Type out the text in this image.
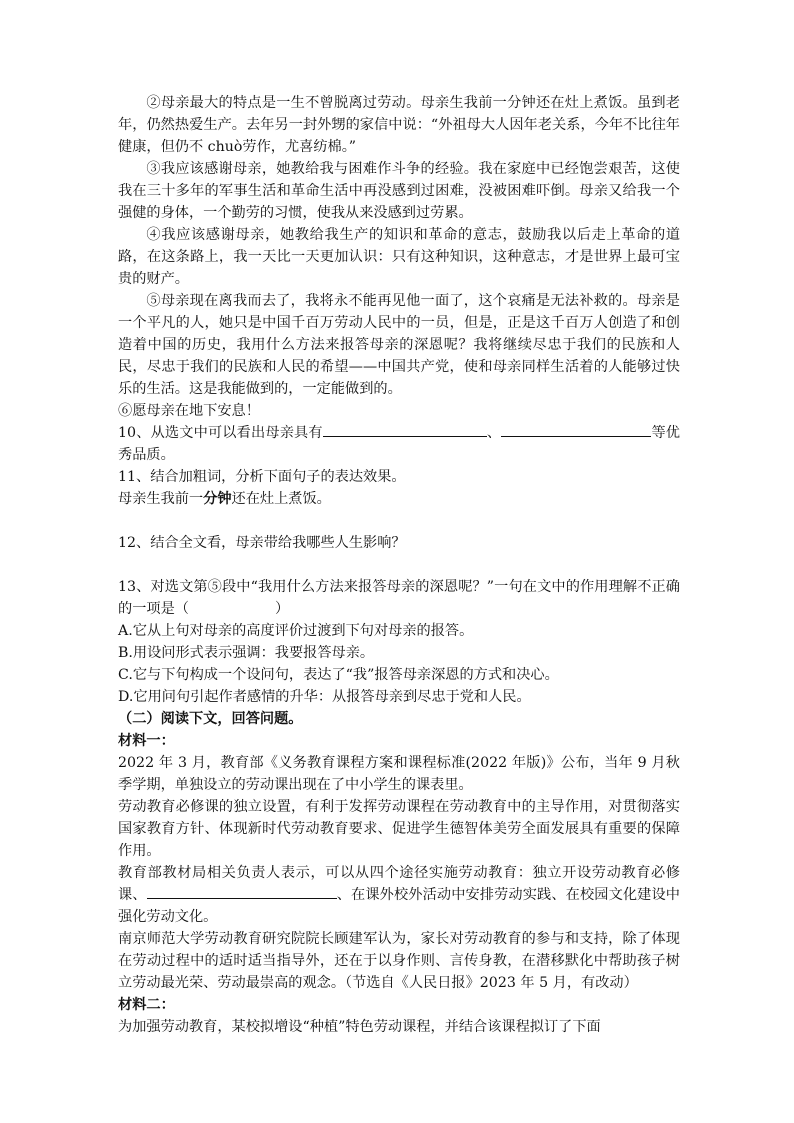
②母亲最大的特点是一生不曾脱离过劳动。母亲生我前一分钟还在灶上煮饭。虽到老年，仍然热爱生产。去年另一封外甥的家信中说：“外祖母大人因年老关系，今年不比往年健康，但仍不 chuò劳作，尤喜纺棉。”

③我应该感谢母亲，她教给我与困难作斗争的经验。我在家庭中已经饱尝艰苦，这使我在三十多年的军事生活和革命生活中再没感到过困难，没被困难吓倒。母亲又给我一个强健的身体，一个勤劳的习惯，使我从来没感到过劳累。

④我应该感谢母亲，她教给我生产的知识和革命的意志，鼓励我以后走上革命的道路，在这条路上，我一天比一天更加认识：只有这种知识，这种意志，才是世界上最可宝贵的财产。

⑤母亲现在离我而去了，我将永不能再见他一面了，这个哀痛是无法补救的。母亲是一个平凡的人，她只是中国千百万劳动人民中的一员，但是，正是这千百万人创造了和创造着中国的历史，我用什么方法来报答母亲的深恩呢？我将继续尽忠于我们的民族和人民，尽忠于我们的民族和人民的希望——中国共产党，使和母亲同样生活着的人能够过快乐的生活。这是我能做到的，一定能做到的。

⑥愿母亲在地下安息！

10、从选文中可以看出母亲具有	、	等优秀品质。

11、结合加粗词，分析下面句子的表达效果。

母亲生我前一分钟还在灶上煮饭。

12、结合全文看，母亲带给我哪些人生影响？

13、对选文第⑤段中“我用什么方法来报答母亲的深恩呢？”一句在文中的作用理解不正确的一项是（	）

A.它从上句对母亲的高度评价过渡到下句对母亲的报答。

B.用设问形式表示强调：我要报答母亲。

C.它与下句构成一个设问句，表达了“我”报答母亲深恩的方式和决心。

D.它用问句引起作者感情的升华：从报答母亲到尽忠于党和人民。

（二）阅读下文，回答问题。

材料一：

2022 年 3 月，教育部《义务教育课程方案和课程标准(2022 年版)》公布，当年 9 月秋季学期，单独设立的劳动课出现在了中小学生的课表里。

劳动教育必修课的独立设置，有利于发挥劳动课程在劳动教育中的主导作用，对贯彻落实国家教育方针、体现新时代劳动教育要求、促进学生德智体美劳全面发展具有重要的保障作用。

教育部教材局相关负责人表示，可以从四个途径实施劳动教育：独立开设劳动教育必修课、	、在课外校外活动中安排劳动实践、在校园文化建设中强化劳动文化。

南京师范大学劳动教育研究院院长顾建军认为，家长对劳动教育的参与和支持，除了体现在劳动过程中的适时适当指导外，还在于以身作则、言传身教，在潜移默化中帮助孩子树立劳动最光荣、劳动最崇高的观念。（节选自《人民日报》2023 年 5 月，有改动）

材料二：

为加强劳动教育，某校拟增设“种植”特色劳动课程，并结合该课程拟订了下面
